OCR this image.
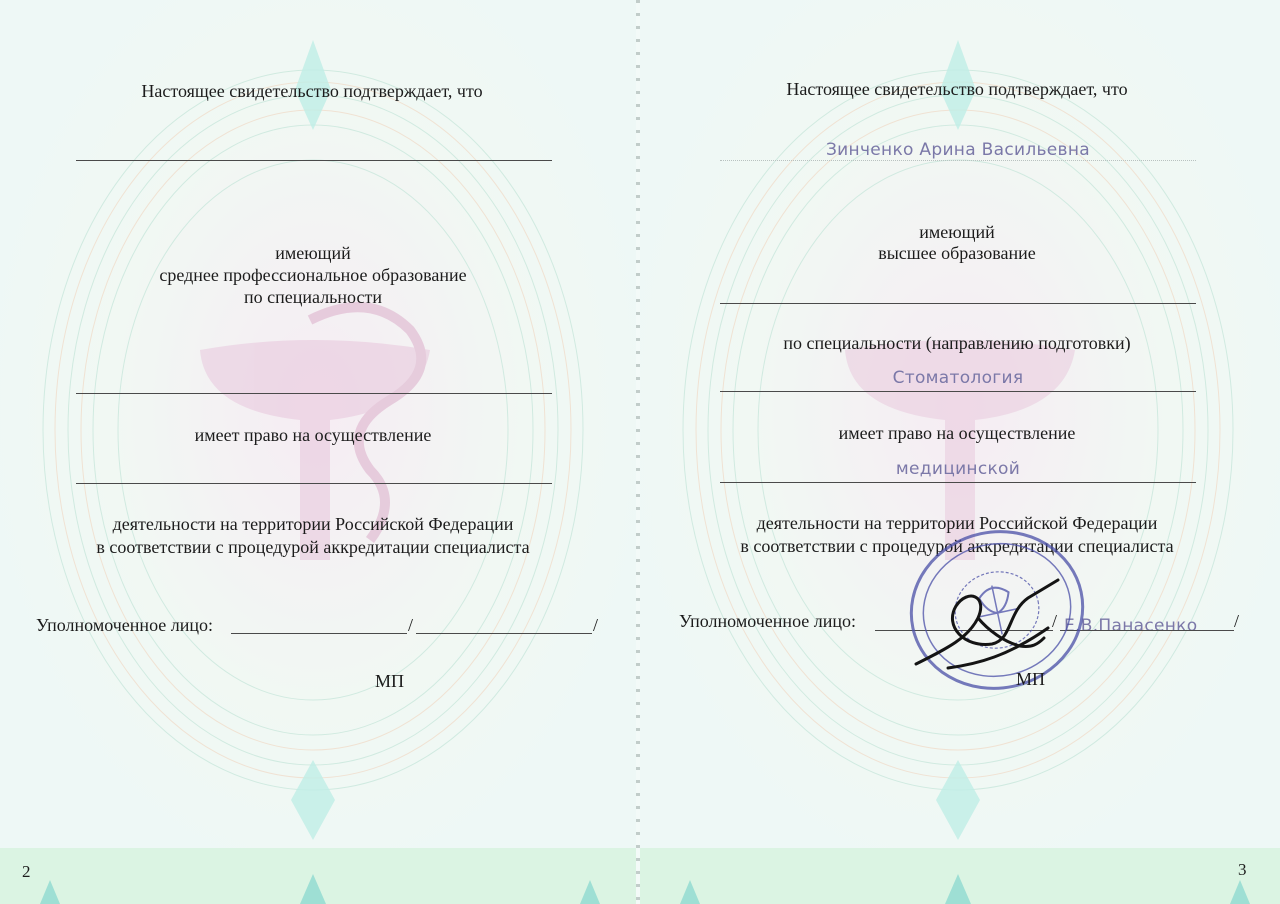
Настоящее свидетельство подтверждает, что
имеющий
среднее профессиональное образование
по специальности
имеет право на осуществление
деятельности на территории Российской Федерации
в соответствии с процедурой аккредитации специалиста
Уполномоченное лицо:	/	/
МП
2
Настоящее свидетельство подтверждает, что
Зинченко Арина Васильевна
имеющий
высшее образование
по специальности (направлению подготовки)
Стоматология
имеет право на осуществление
медицинской
деятельности на территории Российской Федерации
в соответствии с процедурой аккредитации специалиста
Уполномоченное лицо:	/ Е.В.Панасенко /
МП
3
